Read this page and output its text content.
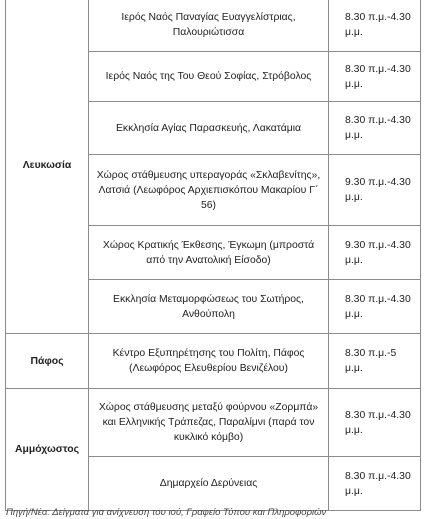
Λευκωσία	Ιερός Ναός Παναγίας Ευαγγελίστριας, Παλουριώτισσα	8.30 π.μ.-4.30 μ.μ.
	Ιερός Ναός της Του Θεού Σοφίας, Στρόβολος	8.30 π.μ.-4.30 μ.μ.
	Εκκλησία Αγίας Παρασκευής, Λακατάμια	8.30 π.μ.-4.30 μ.μ.
	Χώρος στάθμευσης υπεραγοράς «Σκλαβενίτης», Λατσιά (Λεωφόρος Αρχιεπισκόπου Μακαρίου Γ΄ 56)	9.30 π.μ.-4.30 μ.μ.
	Χώρος Κρατικής Έκθεσης, Έγκωμη (μπροστά από την Ανατολική Είσοδο)	9.30 π.μ.-4.30 μ.μ.
	Εκκλησία Μεταμορφώσεως του Σωτήρος, Ανθούπολη	8.30 π.μ.-4.30 μ.μ.
Πάφος	Κέντρο Εξυπηρέτησης του Πολίτη, Πάφος (Λεωφόρος Ελευθερίου Βενιζέλου)	8.30 π.μ.-5 μ.μ.
Αμμόχωστος	Χώρος στάθμευσης μεταξύ φούρνου «Ζορμπά» και Ελληνικής Τράπεζας, Παραλίμνι (παρά τον κυκλικό κόμβο)	8.30 π.μ.-4.30 μ.μ.
	Δημαρχείο Δερύνειας	8.30 π.μ.-4.30 μ.μ.
Πηγή/Νέα: Δείγματα για ανίχνευση του ιού, Γραφείο Τύπου και Πληροφοριών
